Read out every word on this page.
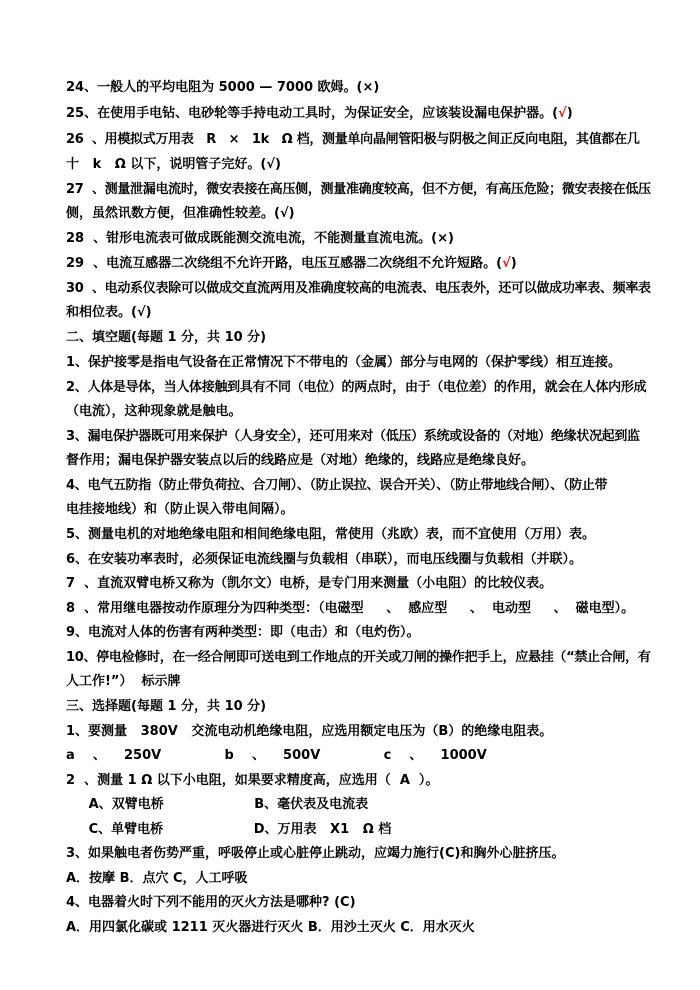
24、一般人的平均电阻为 5000 — 7000 欧姆。(×)
25、在使用手电钻、电砂轮等手持电动工具时，为保证安全，应该装设漏电保护器。(√)
26  、用模拟式万用表   R   ×   1k   Ω 档，测量单向晶闸管阳极与阴极之间正反向电阻，其值都在几
十   k   Ω 以下，说明管子完好。(√)
27  、测量泄漏电流时，微安表接在高压侧，测量准确度较高，但不方便，有高压危险；微安表接在低压
侧，虽然讯数方便，但准确性较差。(√)
28  、钳形电流表可做成既能测交流电流，不能测量直流电流。(×)
29  、电流互感器二次绕组不允许开路，电压互感器二次绕组不允许短路。(√)
30  、电动系仪表除可以做成交直流两用及准确度较高的电流表、电压表外，还可以做成功率表、频率表
和相位表。(√)
二、填空题(每题 1 分，共 10 分)
1、保护接零是指电气设备在正常情况下不带电的（金属）部分与电网的（保护零线）相互连接。
2、人体是导体，当人体接触到具有不同（电位）的两点时，由于（电位差）的作用，就会在人体内形成
（电流），这种现象就是触电。
3、漏电保护器既可用来保护（人身安全），还可用来对（低压）系统或设备的（对地）绝缘状况起到监
督作用；漏电保护器安装点以后的线路应是（对地）绝缘的，线路应是绝缘良好。
4、电气五防指（防止带负荷拉、合刀闸）、（防止误拉、误合开关）、（防止带地线合闸）、（防止带
电挂接地线）和（防止误入带电间隔）。
5、测量电机的对地绝缘电阻和相间绝缘电阻，常使用（兆欧）表，而不宜使用（万用）表。
6、在安装功率表时，必须保证电流线圈与负载相（串联），而电压线圈与负载相（并联）。
7  、直流双臂电桥又称为（凯尔文）电桥，是专门用来测量（小电阻）的比较仪表。
8  、常用继电器按动作原理分为四种类型：（电磁型     、  感应型     、  电动型     、  磁电型）。
9、电流对人体的伤害有两种类型：即（电击）和（电灼伤）。
10、停电检修时，在一经合闸即可送电到工作地点的开关或刀闸的操作把手上，应悬挂（“禁止合闸，有
人工作!”）  标示牌
三、选择题(每题 1 分，共 10 分)
1、要测量   380V   交流电动机绝缘电阻，应选用额定电压为（B）的绝缘电阻表。
a    、    250V              b    、    500V              c    、    1000V
2  、测量 1 Ω 以下小电阻，如果要求精度高，应选用（  A  ）。
A、双臂电桥                    B、毫伏表及电流表
C、单臂电桥                    D、万用表   X1   Ω 档
3、如果触电者伤势严重，呼吸停止或心脏停止跳动，应竭力施行(C)和胸外心脏挤压。
A．按摩 B．点穴 C，人工呼吸
4、电器着火时下列不能用的灭火方法是哪种? (C)
A．用四氯化碳或 1211 灭火器进行灭火 B．用沙土灭火 C．用水灭火
